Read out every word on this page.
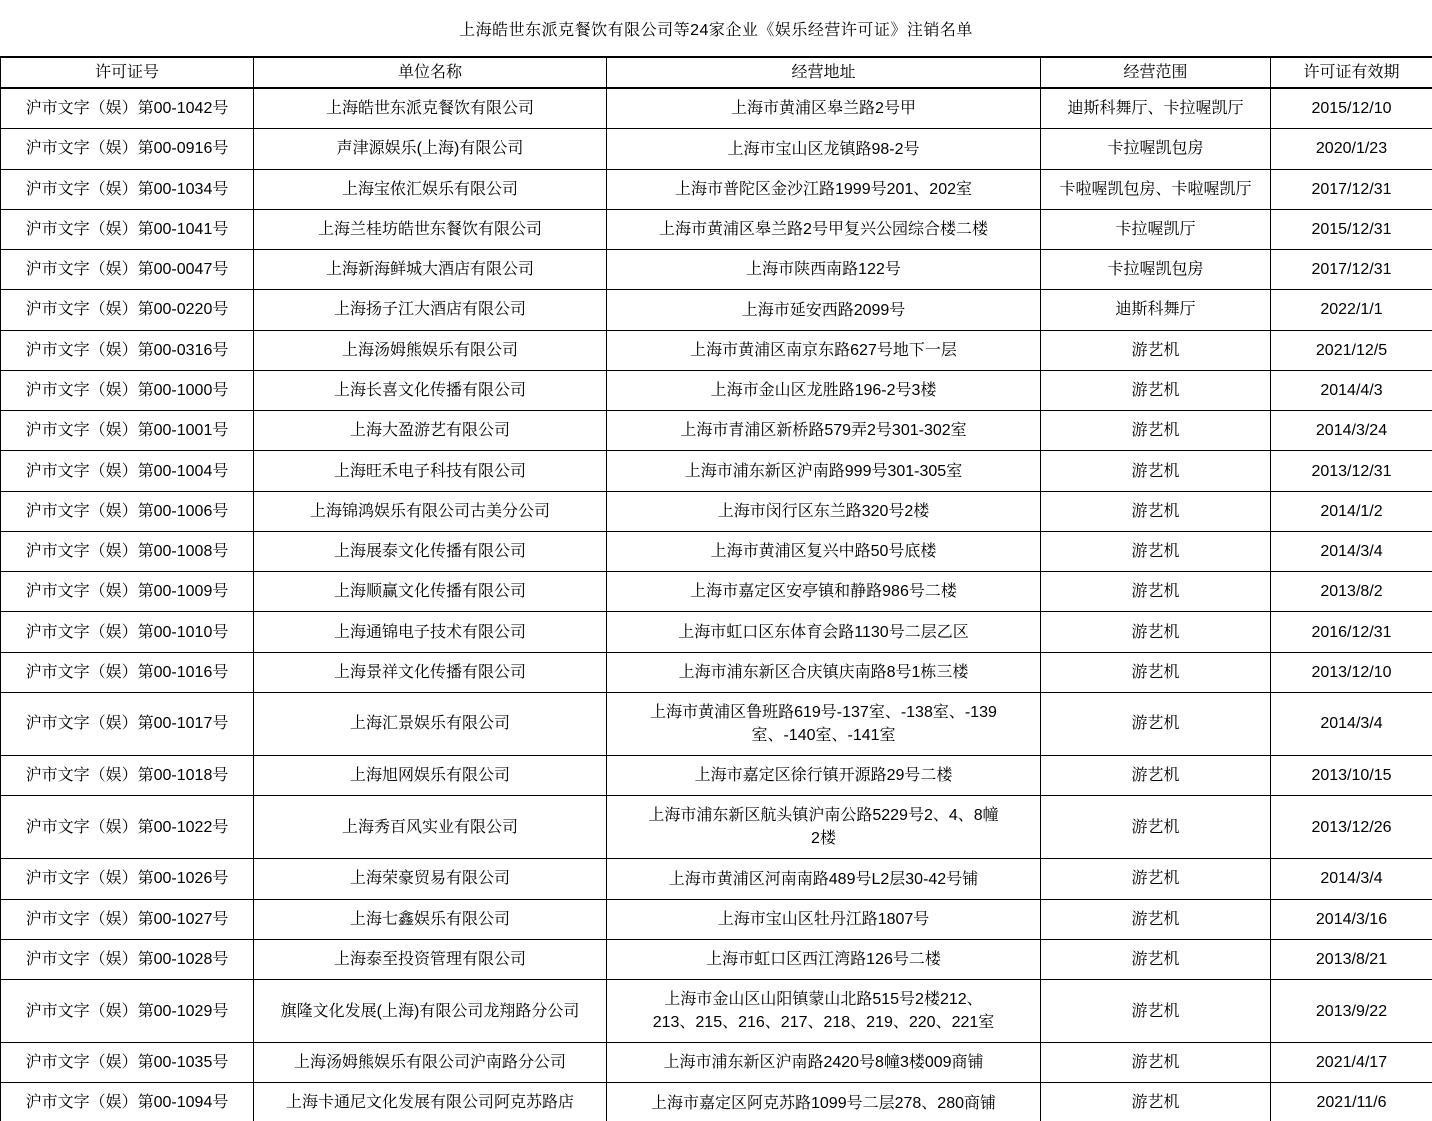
上海皓世东派克餐饮有限公司等24家企业《娱乐经营许可证》注销名单
许可证号	单位名称	经营地址	经营范围	许可证有效期
沪市文字（娱）第00-1042号	上海皓世东派克餐饮有限公司	上海市黄浦区皋兰路2号甲	迪斯科舞厅、卡拉喔凯厅	2015/12/10
沪市文字（娱）第00-0916号	声津源娱乐(上海)有限公司	上海市宝山区龙镇路98-2号	卡拉喔凯包房	2020/1/23
沪市文字（娱）第00-1034号	上海宝侬汇娱乐有限公司	上海市普陀区金沙江路1999号201、202室	卡啦喔凯包房、卡啦喔凯厅	2017/12/31
沪市文字（娱）第00-1041号	上海兰桂坊皓世东餐饮有限公司	上海市黄浦区皋兰路2号甲复兴公园综合楼二楼	卡拉喔凯厅	2015/12/31
沪市文字（娱）第00-0047号	上海新海鲜城大酒店有限公司	上海市陕西南路122号	卡拉喔凯包房	2017/12/31
沪市文字（娱）第00-0220号	上海扬子江大酒店有限公司	上海市延安西路2099号	迪斯科舞厅	2022/1/1
沪市文字（娱）第00-0316号	上海汤姆熊娱乐有限公司	上海市黄浦区南京东路627号地下一层	游艺机	2021/12/5
沪市文字（娱）第00-1000号	上海长喜文化传播有限公司	上海市金山区龙胜路196-2号3楼	游艺机	2014/4/3
沪市文字（娱）第00-1001号	上海大盈游艺有限公司	上海市青浦区新桥路579弄2号301-302室	游艺机	2014/3/24
沪市文字（娱）第00-1004号	上海旺禾电子科技有限公司	上海市浦东新区沪南路999号301-305室	游艺机	2013/12/31
沪市文字（娱）第00-1006号	上海锦鸿娱乐有限公司古美分公司	上海市闵行区东兰路320号2楼	游艺机	2014/1/2
沪市文字（娱）第00-1008号	上海展泰文化传播有限公司	上海市黄浦区复兴中路50号底楼	游艺机	2014/3/4
沪市文字（娱）第00-1009号	上海顺赢文化传播有限公司	上海市嘉定区安亭镇和静路986号二楼	游艺机	2013/8/2
沪市文字（娱）第00-1010号	上海通锦电子技术有限公司	上海市虹口区东体育会路1130号二层乙区	游艺机	2016/12/31
沪市文字（娱）第00-1016号	上海景祥文化传播有限公司	上海市浦东新区合庆镇庆南路8号1栋三楼	游艺机	2013/12/10
沪市文字（娱）第00-1017号	上海汇景娱乐有限公司	上海市黄浦区鲁班路619号-137室、-138室、-139室、-140室、-141室	游艺机	2014/3/4
沪市文字（娱）第00-1018号	上海旭网娱乐有限公司	上海市嘉定区徐行镇开源路29号二楼	游艺机	2013/10/15
沪市文字（娱）第00-1022号	上海秀百风实业有限公司	上海市浦东新区航头镇沪南公路5229号2、4、8幢2楼	游艺机	2013/12/26
沪市文字（娱）第00-1026号	上海荣豪贸易有限公司	上海市黄浦区河南南路489号L2层30-42号铺	游艺机	2014/3/4
沪市文字（娱）第00-1027号	上海七鑫娱乐有限公司	上海市宝山区牡丹江路1807号	游艺机	2014/3/16
沪市文字（娱）第00-1028号	上海泰至投资管理有限公司	上海市虹口区西江湾路126号二楼	游艺机	2013/8/21
沪市文字（娱）第00-1029号	旗隆文化发展(上海)有限公司龙翔路分公司	上海市金山区山阳镇蒙山北路515号2楼212、213、215、216、217、218、219、220、221室	游艺机	2013/9/22
沪市文字（娱）第00-1035号	上海汤姆熊娱乐有限公司沪南路分公司	上海市浦东新区沪南路2420号8幢3楼009商铺	游艺机	2021/4/17
沪市文字（娱）第00-1094号	上海卡通尼文化发展有限公司阿克苏路店	上海市嘉定区阿克苏路1099号二层278、280商铺	游艺机	2021/11/6
